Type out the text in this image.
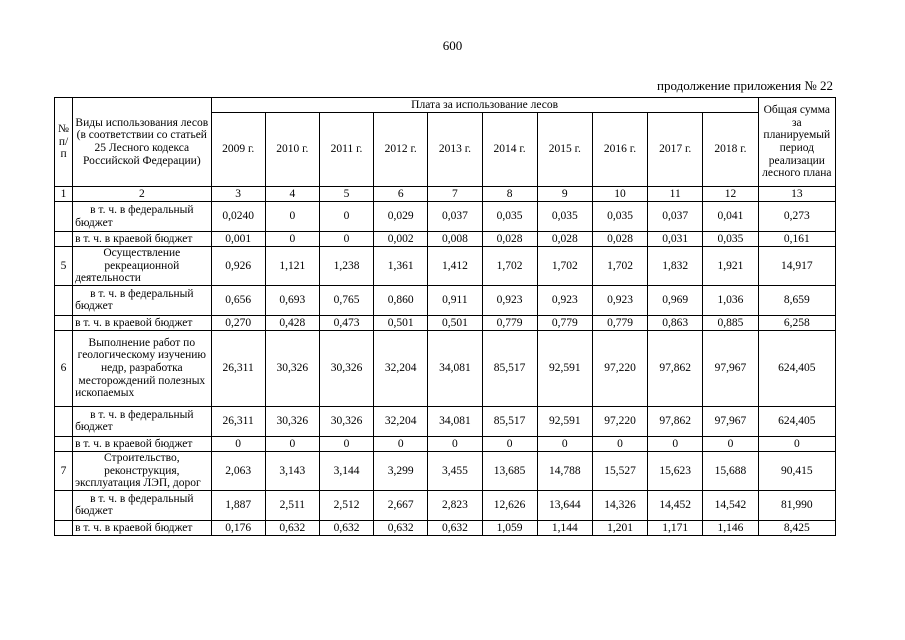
600
продолжение приложения № 22
№ п/п	Виды использования лесов (в соответствии со статьей 25 Лесного кодекса Российской Федерации)	Плата за использование лесов										Общая сумма за планируемый период реализации лесного плана
		2009 г.	2010 г.	2011 г.	2012 г.	2013 г.	2014 г.	2015 г.	2016 г.	2017 г.	2018 г.	
1	2	3	4	5	6	7	8	9	10	11	12	13
	в т. ч. в федеральный бюджет	0,0240	0	0	0,029	0,037	0,035	0,035	0,035	0,037	0,041	0,273
	в т. ч. в краевой бюджет	0,001	0	0	0,002	0,008	0,028	0,028	0,028	0,031	0,035	0,161
5	Осуществление рекреационной деятельности	0,926	1,121	1,238	1,361	1,412	1,702	1,702	1,702	1,832	1,921	14,917
	в т. ч. в федеральный бюджет	0,656	0,693	0,765	0,860	0,911	0,923	0,923	0,923	0,969	1,036	8,659
	в т. ч. в краевой бюджет	0,270	0,428	0,473	0,501	0,501	0,779	0,779	0,779	0,863	0,885	6,258
6	Выполнение работ по геологическому изучению недр, разработка месторождений полезных ископаемых	26,311	30,326	30,326	32,204	34,081	85,517	92,591	97,220	97,862	97,967	624,405
	в т. ч. в федеральный бюджет	26,311	30,326	30,326	32,204	34,081	85,517	92,591	97,220	97,862	97,967	624,405
	в т. ч. в краевой бюджет	0	0	0	0	0	0	0	0	0	0	0
7	Строительство, реконструкция, эксплуатация ЛЭП, дорог	2,063	3,143	3,144	3,299	3,455	13,685	14,788	15,527	15,623	15,688	90,415
	в т. ч. в федеральный бюджет	1,887	2,511	2,512	2,667	2,823	12,626	13,644	14,326	14,452	14,542	81,990
	в т. ч. в краевой бюджет	0,176	0,632	0,632	0,632	0,632	1,059	1,144	1,201	1,171	1,146	8,425
